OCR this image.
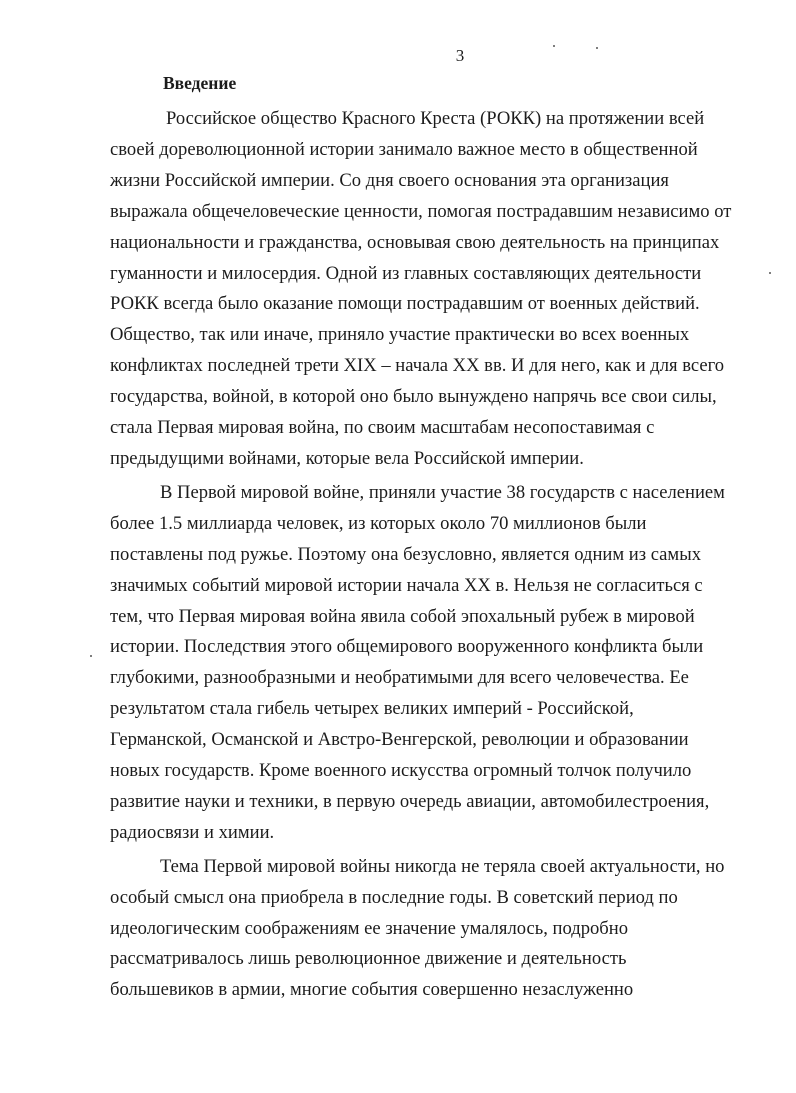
3
Введение

Российское общество Красного Креста (РОКК) на протяжении всей
своей дореволюционной истории занимало важное место в общественной
жизни Российской империи. Со дня своего основания эта организация
выражала общечеловеческие ценности, помогая пострадавшим независимо от
национальности и гражданства, основывая свою деятельность на принципах
гуманности и милосердия. Одной из главных составляющих деятельности
РОКК всегда было оказание помощи пострадавшим от военных действий.
Общество, так или иначе, приняло участие практически во всех военных
конфликтах последней трети XIX – начала XX вв. И для него, как и для всего
государства, войной, в которой оно было вынуждено напрячь все свои силы,
стала Первая мировая война, по своим масштабам несопоставимая с
предыдущими войнами, которые вела Российской империи.

В Первой мировой войне, приняли участие 38 государств с населением
более 1.5 миллиарда человек, из которых около 70 миллионов были
поставлены под ружье. Поэтому она безусловно, является одним из самых
значимых событий мировой истории начала XX в. Нельзя не согласиться с
тем, что Первая мировая война явила собой эпохальный рубеж в мировой
истории. Последствия этого общемирового вооруженного конфликта были
глубокими, разнообразными и необратимыми для всего человечества. Ее
результатом стала гибель четырех великих империй - Российской,
Германской, Османской и Австро-Венгерской, революции и образовании
новых государств. Кроме военного искусства огромный толчок получило
развитие науки и техники, в первую очередь авиации, автомобилестроения,
радиосвязи и химии.

Тема Первой мировой войны никогда не теряла своей актуальности, но
особый смысл она приобрела в последние годы. В советский период по
идеологическим соображениям ее значение умалялось, подробно
рассматривалось лишь революционное движение и деятельность
большевиков в армии, многие события совершенно незаслуженно
